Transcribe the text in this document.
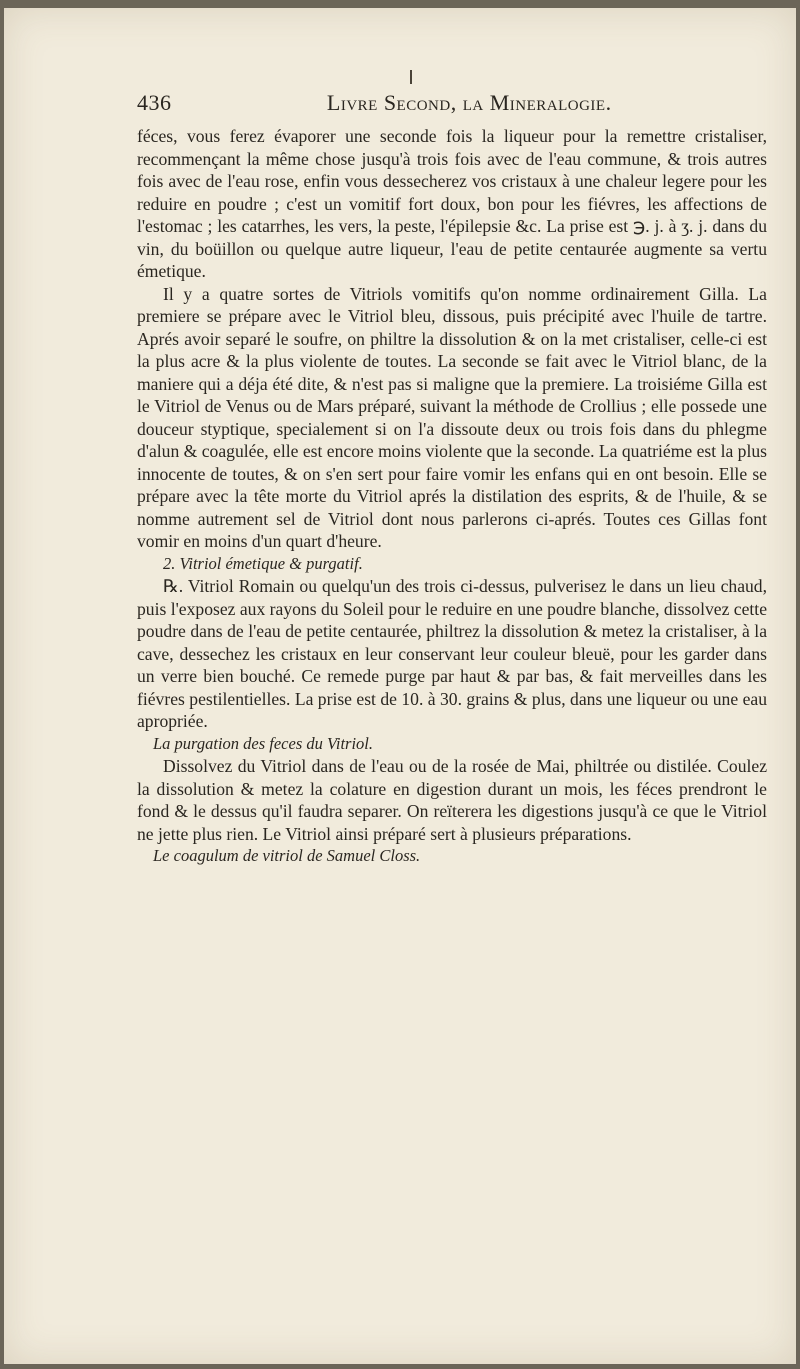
436	Livre Second, la Mineralogie.

féces, vous ferez évaporer une seconde fois la liqueur pour la remettre cristaliser, recommençant la même chose jusqu'à trois fois avec de l'eau commune, & trois autres fois avec de l'eau rose, enfin vous dessecherez vos cristaux à une chaleur legere pour les reduire en poudre ; c'est un vomitif fort doux, bon pour les fiévres, les affections de l'estomac ; les catarrhes, les vers, la peste, l'épilepsie &c. La prise est ℈. j. à ʒ. j. dans du vin, du boüillon ou quelque autre liqueur, l'eau de petite centaurée augmente sa vertu émetique.

Il y a quatre sortes de Vitriols vomitifs qu'on nomme ordinairement Gilla. La premiere se prépare avec le Vitriol bleu, dissous, puis précipité avec l'huile de tartre. Aprés avoir separé le soufre, on philtre la dissolution & on la met cristaliser, celle-ci est la plus acre & la plus violente de toutes. La seconde se fait avec le Vitriol blanc, de la maniere qui a déja été dite, & n'est pas si maligne que la premiere. La troisiéme Gilla est le Vitriol de Venus ou de Mars préparé, suivant la méthode de Crollius ; elle possede une douceur styptique, specialement si on l'a dissoute deux ou trois fois dans du phlegme d'alun & coagulée, elle est encore moins violente que la seconde. La quatriéme est la plus innocente de toutes, & on s'en sert pour faire vomir les enfans qui en ont besoin. Elle se prépare avec la tête morte du Vitriol aprés la distilation des esprits, & de l'huile, & se nomme autrement sel de Vitriol dont nous parlerons ci-aprés. Toutes ces Gillas font vomir en moins d'un quart d'heure.

2. Vitriol émetique & purgatif.

℞. Vitriol Romain ou quelqu'un des trois ci-dessus, pulverisez le dans un lieu chaud, puis l'exposez aux rayons du Soleil pour le reduire en une poudre blanche, dissolvez cette poudre dans de l'eau de petite centaurée, philtrez la dissolution & metez la cristaliser, à la cave, dessechez les cristaux en leur conservant leur couleur bleuë, pour les garder dans un verre bien bouché. Ce remede purge par haut & par bas, & fait merveilles dans les fiévres pestilentielles. La prise est de 10. à 30. grains & plus, dans une liqueur ou une eau apropriée.

La purgation des feces du Vitriol.

Dissolvez du Vitriol dans de l'eau ou de la rosée de Mai, philtrée ou distilée. Coulez la dissolution & metez la colature en digestion durant un mois, les féces prendront le fond & le dessus qu'il faudra separer. On reïterera les digestions jusqu'à ce que le Vitriol ne jette plus rien. Le Vitriol ainsi préparé sert à plusieurs préparations.

Le coagulum de vitriol de Samuel Closs.
